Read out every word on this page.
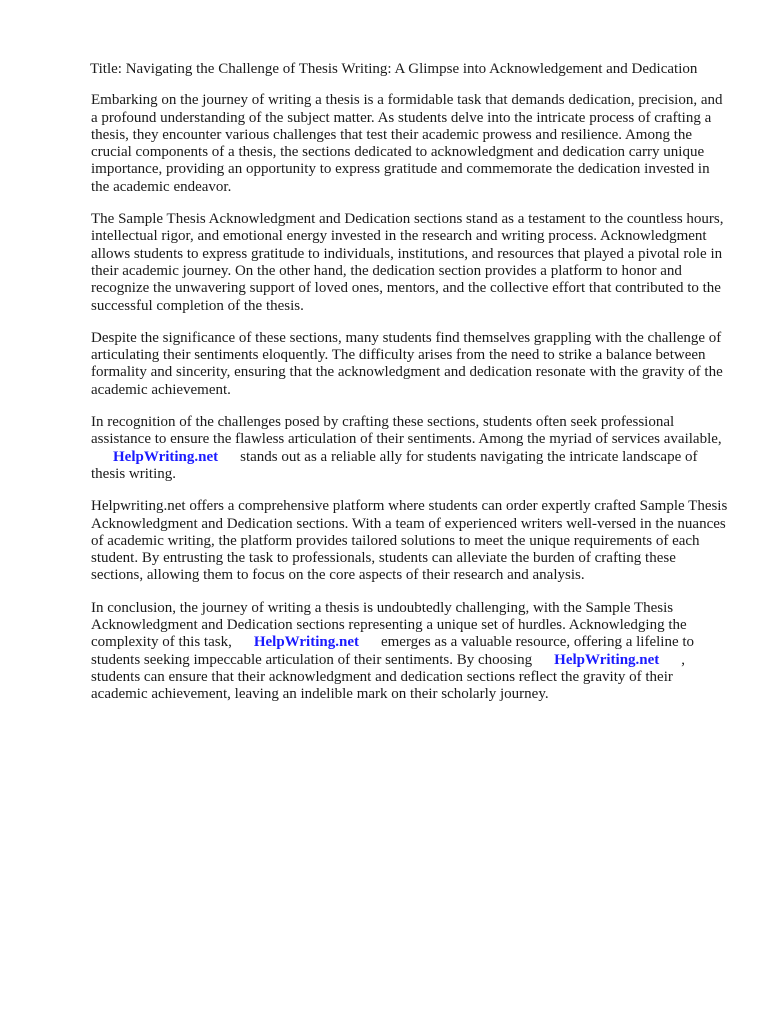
Title: Navigating the Challenge of Thesis Writing: A Glimpse into Acknowledgement and Dedication

Embarking on the journey of writing a thesis is a formidable task that demands dedication, precision, and a profound understanding of the subject matter. As students delve into the intricate process of crafting a thesis, they encounter various challenges that test their academic prowess and resilience. Among the crucial components of a thesis, the sections dedicated to acknowledgment and dedication carry unique importance, providing an opportunity to express gratitude and commemorate the dedication invested in the academic endeavor.

The Sample Thesis Acknowledgment and Dedication sections stand as a testament to the countless hours, intellectual rigor, and emotional energy invested in the research and writing process. Acknowledgment allows students to express gratitude to individuals, institutions, and resources that played a pivotal role in their academic journey. On the other hand, the dedication section provides a platform to honor and recognize the unwavering support of loved ones, mentors, and the collective effort that contributed to the successful completion of the thesis.

Despite the significance of these sections, many students find themselves grappling with the challenge of articulating their sentiments eloquently. The difficulty arises from the need to strike a balance between formality and sincerity, ensuring that the acknowledgment and dedication resonate with the gravity of the academic achievement.

In recognition of the challenges posed by crafting these sections, students often seek professional assistance to ensure the flawless articulation of their sentiments. Among the myriad of services available,HelpWriting.net stands out as a reliable ally for students navigating the intricate landscape of thesis writing.

Helpwriting.net offers a comprehensive platform where students can order expertly crafted Sample Thesis Acknowledgment and Dedication sections. With a team of experienced writers well-versed in the nuances of academic writing, the platform provides tailored solutions to meet the unique requirements of each student. By entrusting the task to professionals, students can alleviate the burden of crafting these sections, allowing them to focus on the core aspects of their research and analysis.

In conclusion, the journey of writing a thesis is undoubtedly challenging, with the Sample Thesis Acknowledgment and Dedication sections representing a unique set of hurdles. Acknowledging the complexity of this task, HelpWriting.net emerges as a valuable resource, offering a lifeline to students seeking impeccable articulation of their sentiments. By choosing HelpWriting.net , students can ensure that their acknowledgment and dedication sections reflect the gravity of their academic achievement, leaving an indelible mark on their scholarly journey.
